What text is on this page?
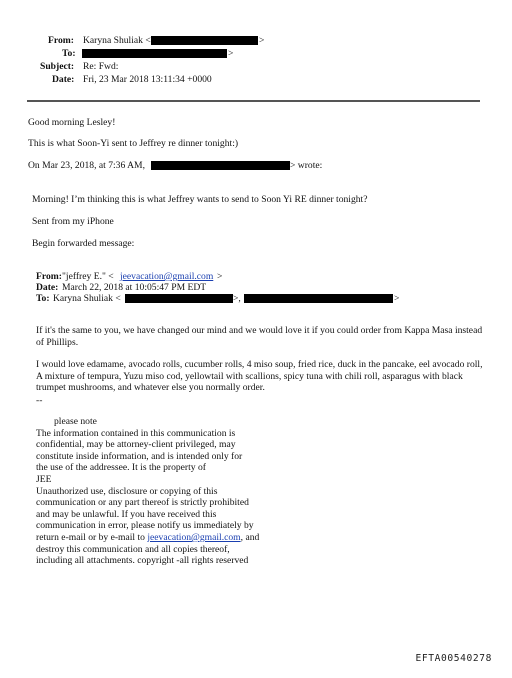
From: Karyna Shuliak <	>
To:	>
Subject: Re: Fwd:
Date: Fri, 23 Mar 2018 13:11:34 +0000
Good morning Lesley!
This is what Soon-Yi sent to Jeffrey re dinner tonight:)
On Mar 23, 2018, at 7:36 AM,	> wrote:
Morning! I’m thinking this is what Jeffrey wants to send to Soon Yi RE dinner tonight?
Sent from my iPhone
Begin forwarded message:
From: "jeffrey E." < jeevacation@gmail.com >
Date: March 22, 2018 at 10:05:47 PM EDT
To: Karyna Shuliak <	>,	>
If it's the same to you, we have changed our mind and we would love it if you could order from Kappa Masa instead of Phillips.
I would love edamame, avocado rolls, cucumber rolls, 4 miso soup, fried rice, duck in the pancake, eel avocado roll, A mixture of tempura, Yuzu miso cod, yellowtail with scallions, spicy tuna with chili roll, asparagus with black trumpet mushrooms, and whatever else you normally order.
--
please note
The information contained in this communication is
confidential, may be attorney-client privileged, may
constitute inside information, and is intended only for
the use of the addressee. It is the property of
JEE
Unauthorized use, disclosure or copying of this
communication or any part thereof is strictly prohibited
and may be unlawful. If you have received this
communication in error, please notify us immediately by
return e-mail or by e-mail to jeevacation@gmail.com, and
destroy this communication and all copies thereof,
including all attachments. copyright -all rights reserved
EFTA00540278
